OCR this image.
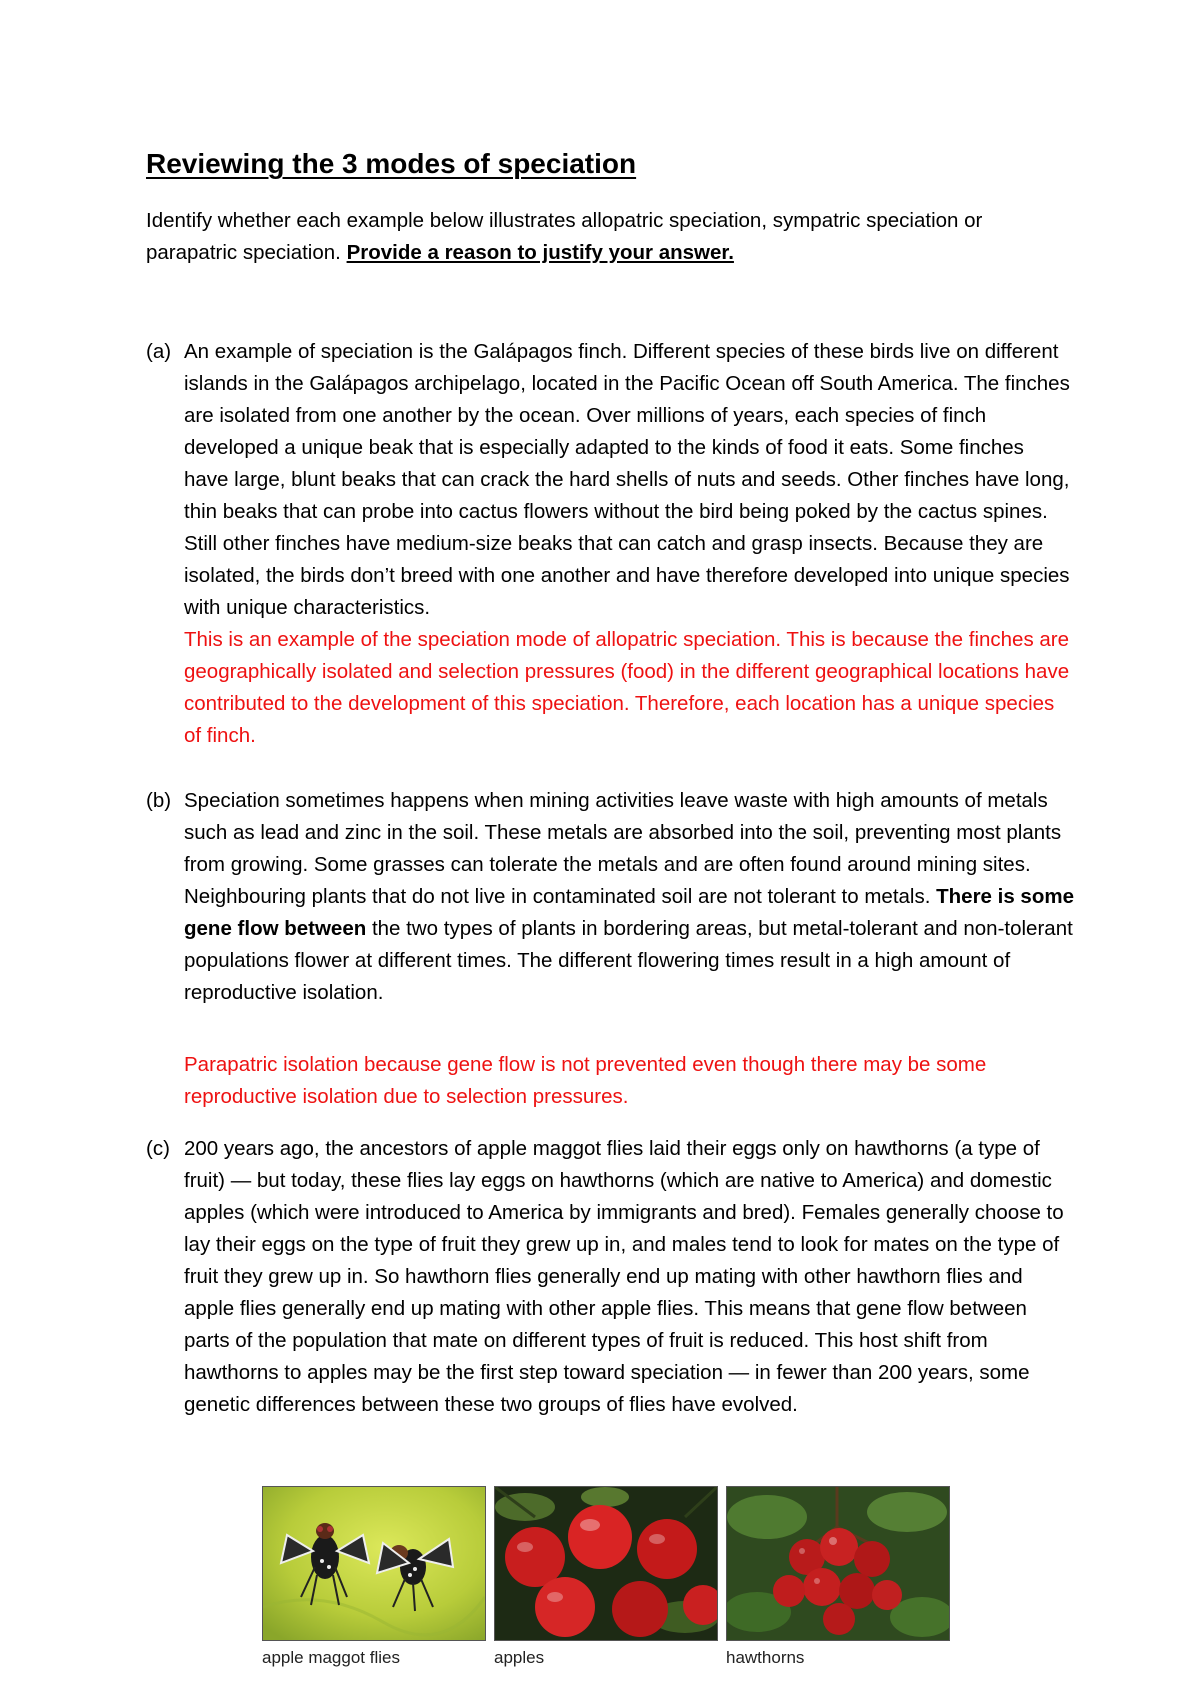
Reviewing the 3 modes of speciation

Identify whether each example below illustrates allopatric speciation, sympatric speciation or parapatric speciation. Provide a reason to justify your answer.

(a) An example of speciation is the Galápagos finch. Different species of these birds live on different islands in the Galápagos archipelago, located in the Pacific Ocean off South America. The finches are isolated from one another by the ocean. Over millions of years, each species of finch developed a unique beak that is especially adapted to the kinds of food it eats. Some finches have large, blunt beaks that can crack the hard shells of nuts and seeds. Other finches have long, thin beaks that can probe into cactus flowers without the bird being poked by the cactus spines. Still other finches have medium-size beaks that can catch and grasp insects. Because they are isolated, the birds don’t breed with one another and have therefore developed into unique species with unique characteristics.
This is an example of the speciation mode of allopatric speciation. This is because the finches are geographically isolated and selection pressures (food) in the different geographical locations have contributed to the development of this speciation. Therefore, each location has a unique species of finch.

(b) Speciation sometimes happens when mining activities leave waste with high amounts of metals such as lead and zinc in the soil. These metals are absorbed into the soil, preventing most plants from growing. Some grasses can tolerate the metals and are often found around mining sites. Neighbouring plants that do not live in contaminated soil are not tolerant to metals. There is some gene flow between the two types of plants in bordering areas, but metal-tolerant and non-tolerant populations flower at different times. The different flowering times result in a high amount of reproductive isolation.

Parapatric isolation because gene flow is not prevented even though there may be some reproductive isolation due to selection pressures.

(c) 200 years ago, the ancestors of apple maggot flies laid their eggs only on hawthorns (a type of fruit) — but today, these flies lay eggs on hawthorns (which are native to America) and domestic apples (which were introduced to America by immigrants and bred). Females generally choose to lay their eggs on the type of fruit they grew up in, and males tend to look for mates on the type of fruit they grew up in. So hawthorn flies generally end up mating with other hawthorn flies and apple flies generally end up mating with other apple flies. This means that gene flow between parts of the population that mate on different types of fruit is reduced. This host shift from hawthorns to apples may be the first step toward speciation — in fewer than 200 years, some genetic differences between these two groups of flies have evolved.

apple maggot flies	apples	hawthorns
